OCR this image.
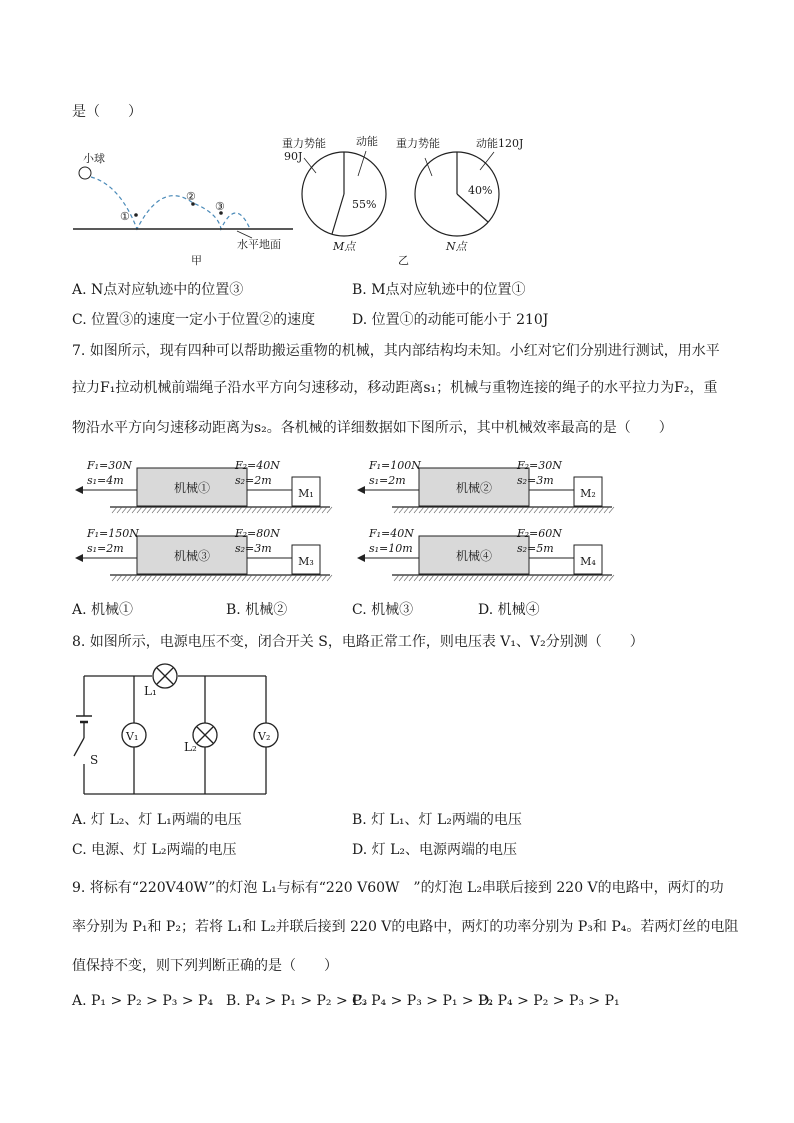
是（　　）
小球
①
②
③
水平地面
甲
重力势能
90J
动能
55%
M点
重力势能	动能120J
40%
N点
乙
机械①	M₁
F₁=30N
s₁=4m
F₂=40N
s₂=2m
机械②	M₂
F₁=100N
s₁=2m
F₂=30N
s₂=3m
机械③	M₃
F₁=150N
s₁=2m
F₂=80N
s₂=3m
机械④	M₄
F₁=40N
s₁=10m
F₂=60N
s₂=5m
L₁
L₂
V₁	V₂
S
A. N点对应轨迹中的位置③	B. M点对应轨迹中的位置①
C. 位置③的速度一定小于位置②的速度	D. 位置①的动能可能小于 210J
7. 如图所示，现有四种可以帮助搬运重物的机械，其内部结构均未知。小红对它们分别进行测试，用水平
拉力F₁拉动机械前端绳子沿水平方向匀速移动，移动距离s₁；机械与重物连接的绳子的水平拉力为F₂，重
物沿水平方向匀速移动距离为s₂。各机械的详细数据如下图所示，其中机械效率最高的是（　　）
A. 机械①	B. 机械②	C. 机械③	D. 机械④
8. 如图所示，电源电压不变，闭合开关 S，电路正常工作，则电压表 V₁、V₂分别测（　　）
A. 灯 L₂、灯 L₁两端的电压	B. 灯 L₁、灯 L₂两端的电压
C. 电源、灯 L₂两端的电压	D. 灯 L₂、电源两端的电压
9. 将标有“220V40W”的灯泡 L₁与标有“220 V60W　”的灯泡 L₂串联后接到 220 V的电路中，两灯的功
率分别为 P₁和 P₂；若将 L₁和 L₂并联后接到 220 V的电路中，两灯的功率分别为 P₃和 P₄。若两灯丝的电阻
值保持不变，则下列判断正确的是（　　）
A. P₁ > P₂ > P₃ > P₄ B. P₄ > P₁ > P₂ > P₃
C. P₄ > P₃ > P₁ > P₂
D. P₄ > P₂ > P₃ > P₁
